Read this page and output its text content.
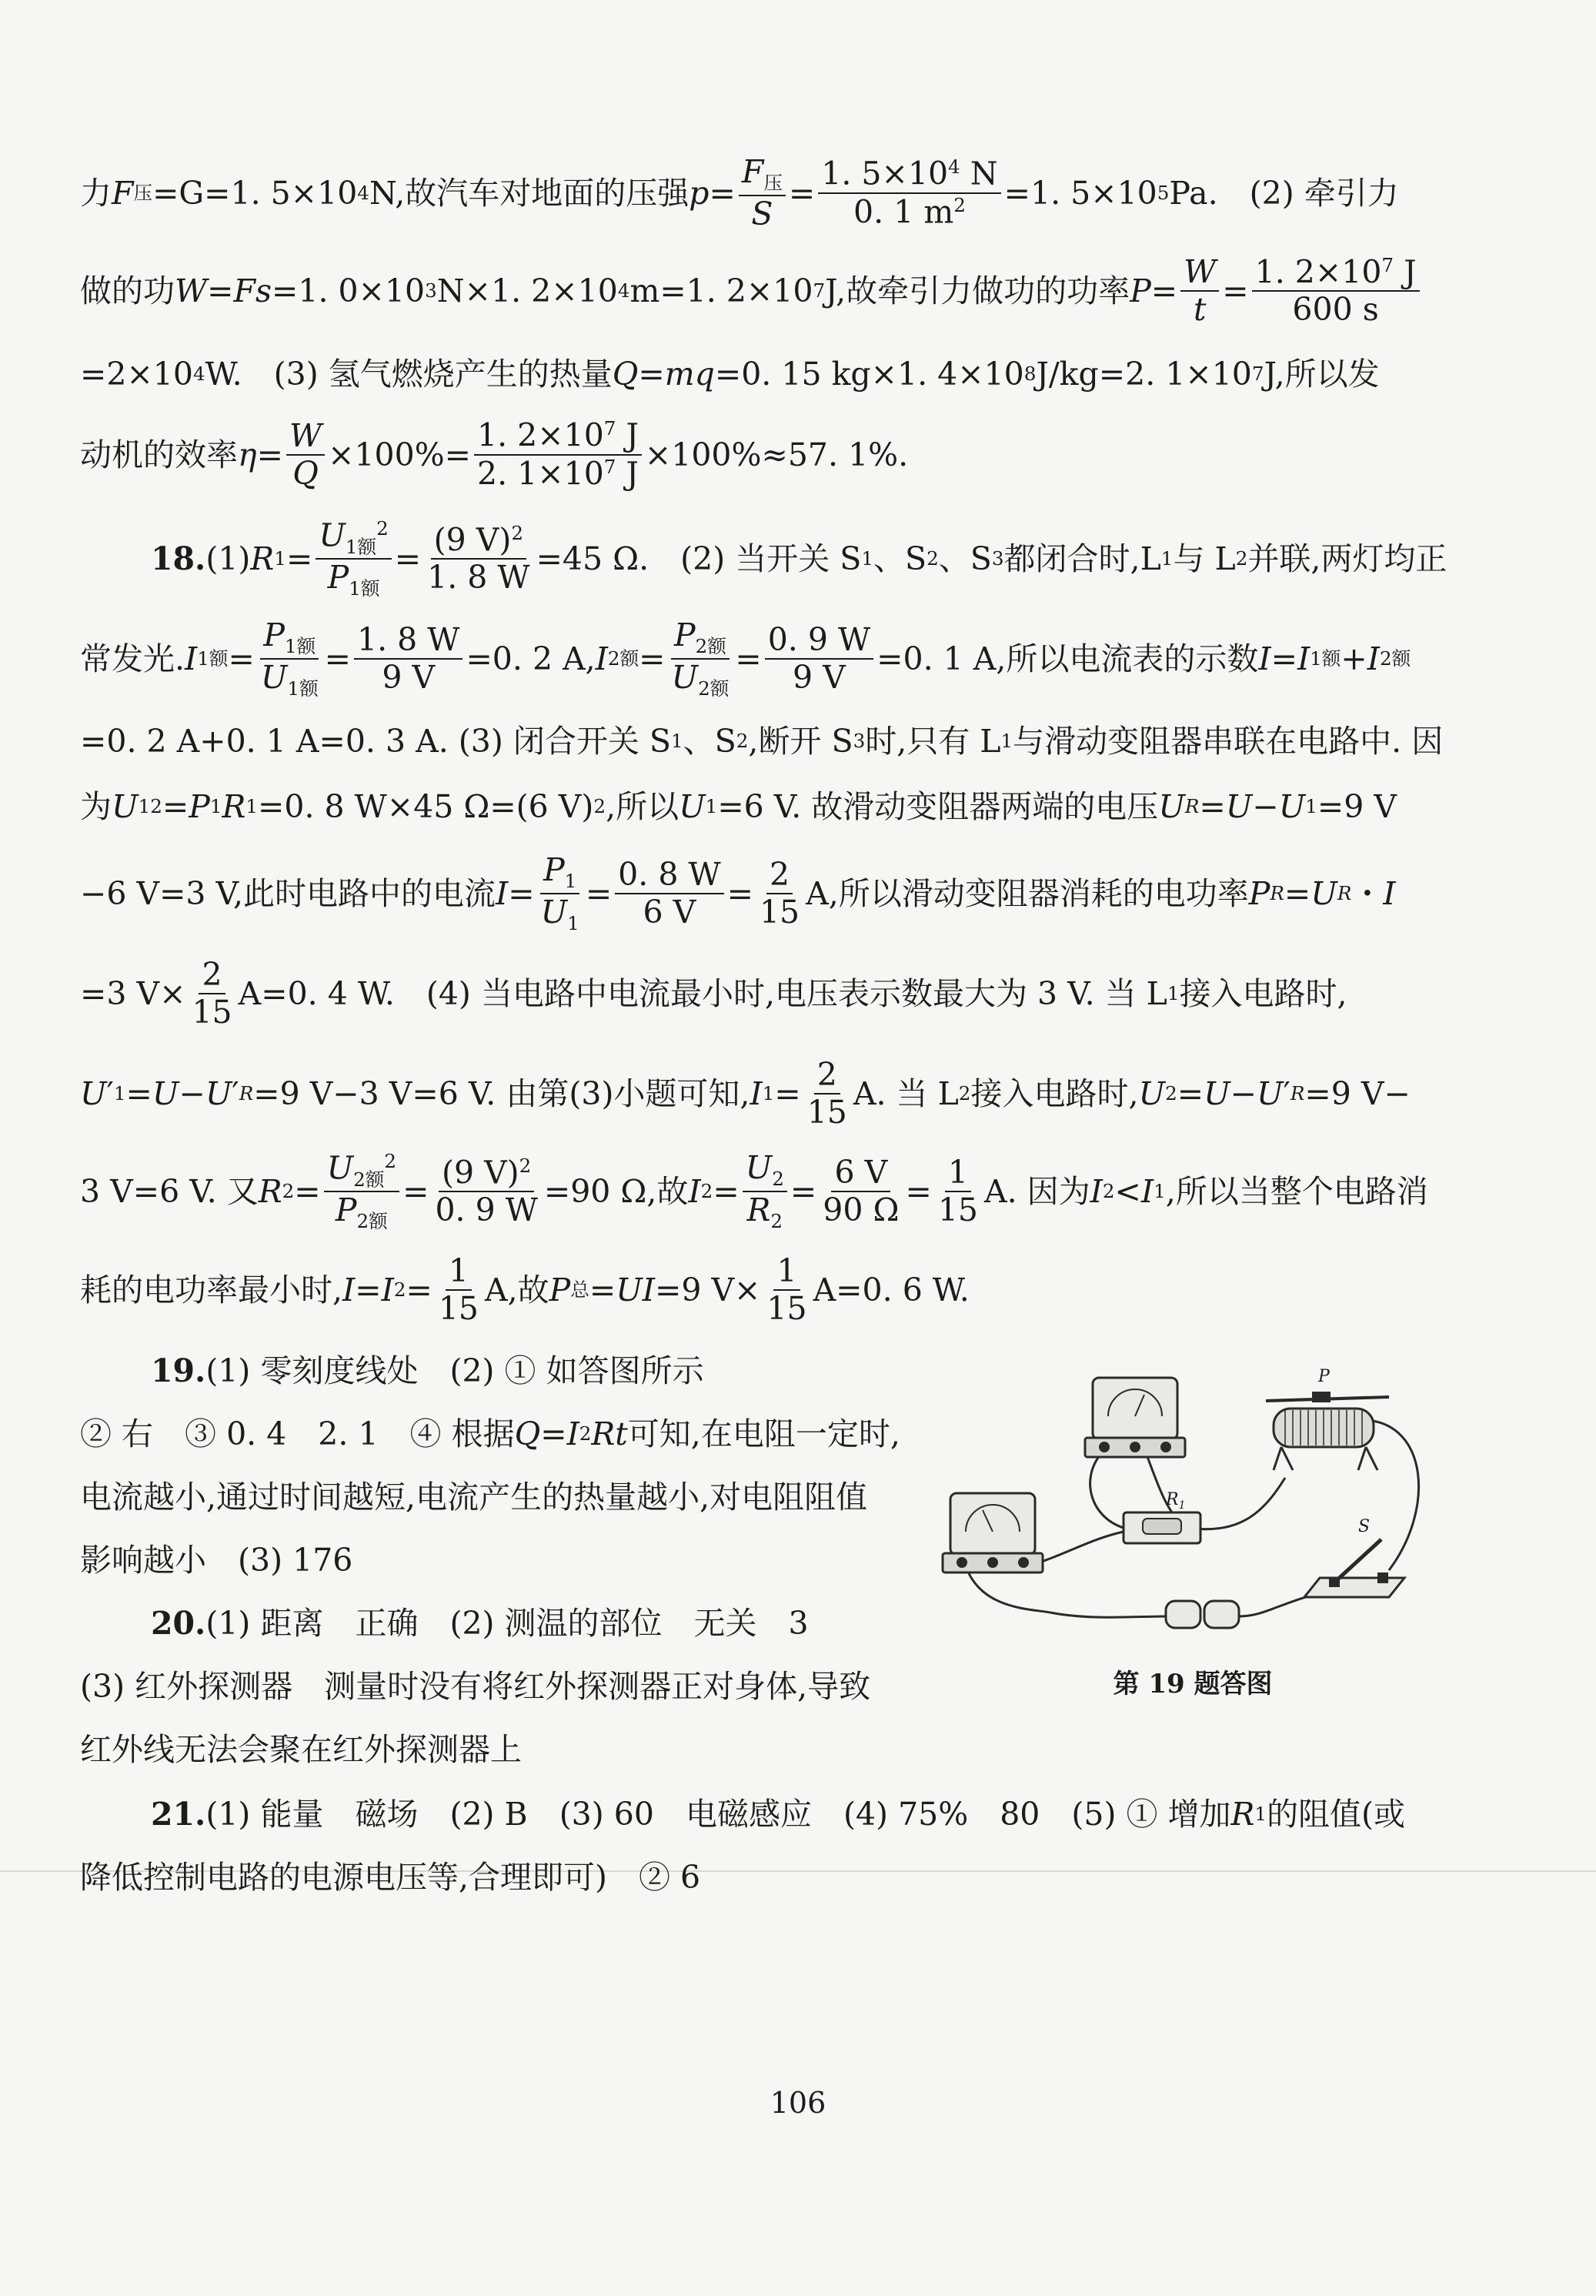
力 F 压 =G=1. 5×10 4 N,故汽车对地面的压强 $p = \frac{F_压}{S} = \frac{1. 5\times 10^4 N}{0. 1 m^2} =1$. 5×10 5 Pa.　(2) 牵引力
做的功 W = Fs =1. 0×10 3 N×1. 2×10 4 m=1. 2×10 7 J,故牵引力做功的功率 $P = \frac{W}{t} = \frac{1. 2\times 10^7 J}{600 s}$
=2×10 4 W.　(3) 氢气燃烧产生的热量 Q = mq =0. 15 kg×1. 4×10 8 J/kg=2. 1×10 7 J,所以发
动机的效率 $\eta = \frac{W}{Q} \times 100\%= \frac{1. 2\times 10^7 J}{2. 1\times 10^7 J} \times 100\%\approx 57$. 1%.
18. (1) R $1 = \frac{U_{1额}^2}{P_{1额}} = \frac{(9 V)^2}{1. 8 W} =45$ Ω.　(2) 当开关 S 1 、S 2 、S 3 都闭合时,L 1 与 L 2 并联,两灯均正
常发光. I 1额 = $\frac{P_{1额}}{U_{1额}} = \frac{1. 8 W}{9 V} =0$. 2 A, I 2额 = $\frac{P_{2额}}{U_{2额}} = \frac{0. 9 W}{9 V} =0$. 1 A,所以电流表的示数 I = I 1额 + I 2额
=0. 2 A+0. 1 A=0. 3 A. (3) 闭合开关 S 1 、S 2 ,断开 S 3 时,只有 L 1 与滑动变阻器串联在电路中. 因
为 U 1 2 = P 1 R 1 =0. 8 W×45 Ω=(6 V) 2 ,所以 U 1 =6 V. 故滑动变阻器两端的电压 U R = U − U 1 =9 V
−6 V=3 V,此时电路中的电流 $I = \frac{P_1}{U_1} = \frac{0. 8 W}{6 V} = \frac{2}{15} A$,所以滑动变阻器消耗的电功率 P R = U R ・ I
=3 $V\times \frac{2}{15} A=0$. 4 W.　(4) 当电路中电流最小时,电压表示数最大为 3 V. 当 L 1 接入电路时,
U ′ 1 = U − U ′ R =9 V−3 V=6 V. 由第(3)小题可知, I $1 = \frac{2}{15} A$. 当 L 2 接入电路时, U 2 = U − U ′ R =9 V−
3 V=6 V. 又 R $2 = \frac{U_{2额}^2}{P_{2额}} = \frac{(9 V)^2}{0. 9 W} =90$ Ω,故 I $2 = \frac{U_2}{R_2} = \frac{6 V}{90 \Omega} = \frac{1}{15} A$. 因为 I 2 < I 1 ,所以当整个电路消
耗的电功率最小时, I = I $2 = \frac{1}{15} A$,故 P 总 = UI =9 $V\times \frac{1}{15} A=0$. 6 W.
19. (1) 零刻度线处　(2) ① 如答图所示
② 右　③ 0. 4　2. 1　④ 根据 Q = I 2 Rt 可知,在电阻一定时,
电流越小,通过时间越短,电流产生的热量越小,对电阻阻值
影响越小　(3) 176
$R_1$
P
S
第 19 题答图
20. (1) 距离　正确　(2) 测温的部位　无关　3
(3) 红外探测器　测量时没有将红外探测器正对身体,导致
红外线无法会聚在红外探测器上
21. (1) 能量　磁场　(2) B　(3) 60　电磁感应　(4) 75%　80　(5) ① 增加 R 1 的阻值(或
降低控制电路的电源电压等,合理即可)　② 6
106
